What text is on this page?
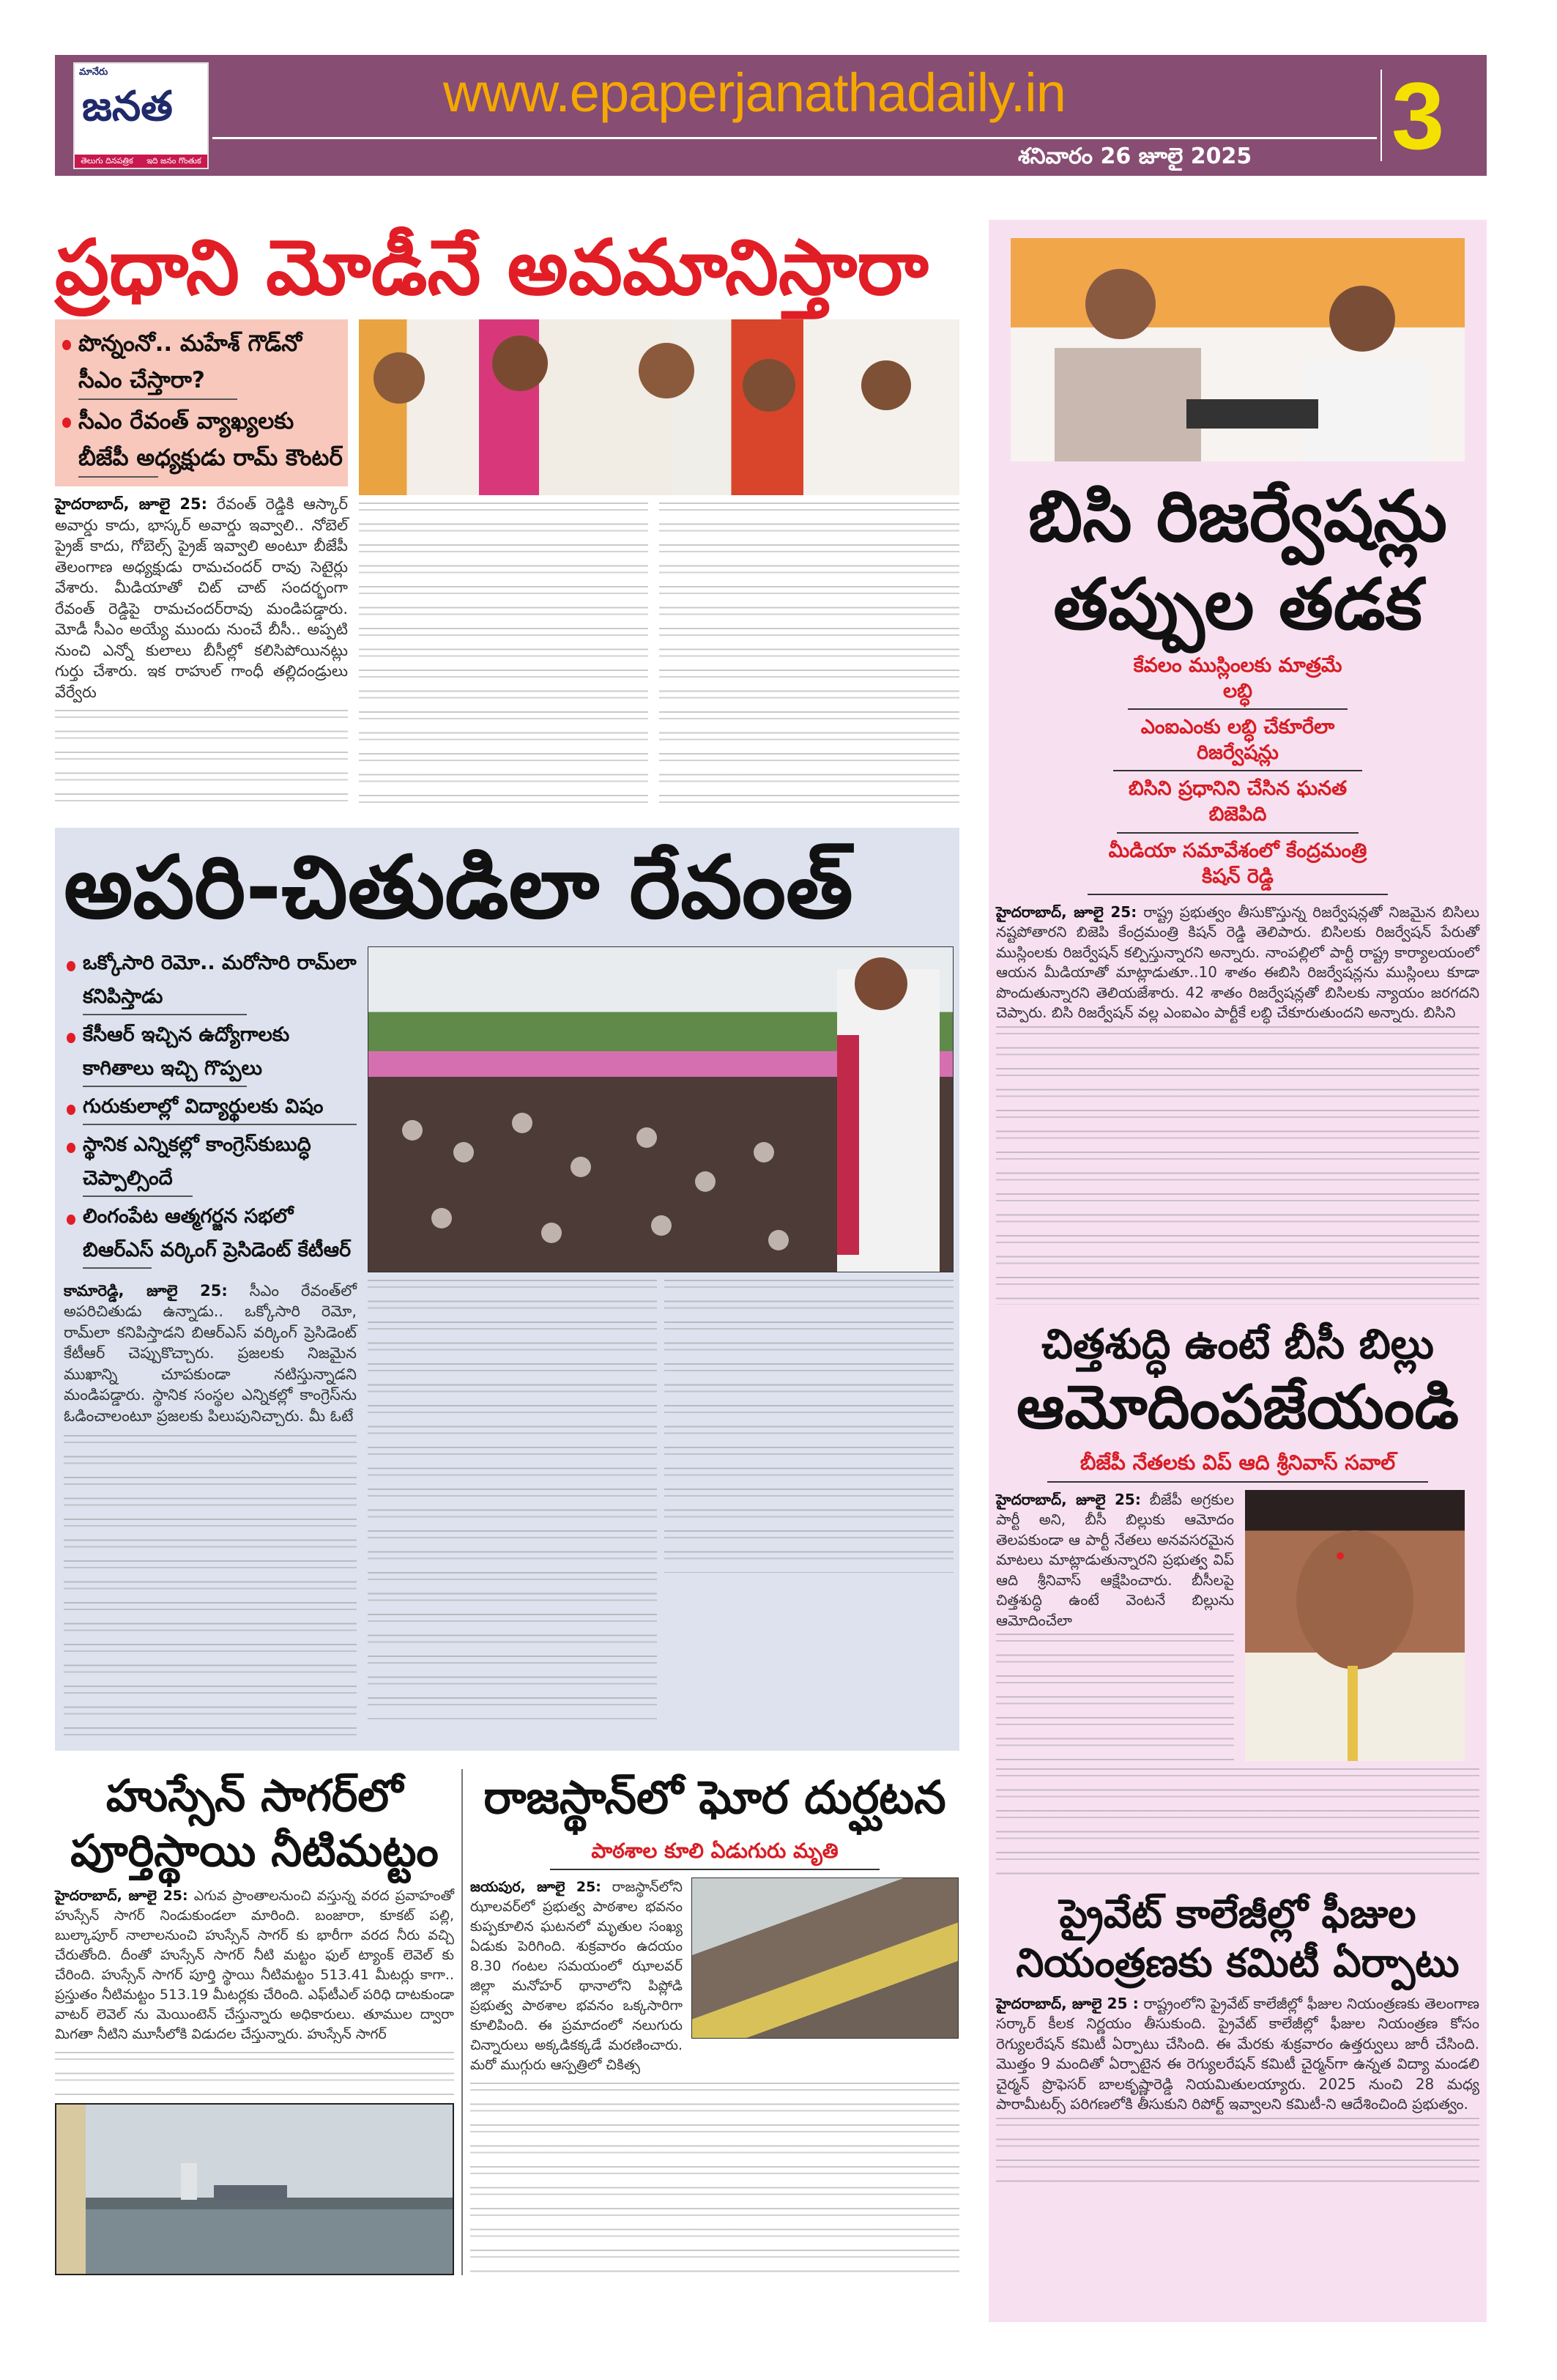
మానేరు
జనత
తెలుగు దినపత్రిక ఇది జనం గొంతుక
www.epaperjanathadaily.in
శనివారం 26 జూలై 2025 3
ప్రధాని మోడీనే అవమానిస్తారా
పొన్నంనో.. మహేశ్ గౌడ్‌నో సీఎం చేస్తారా?
సీఎం రేవంత్ వ్యాఖ్యలకు బీజేపీ అధ్యక్షుడు రామ్ కౌంటర్
హైదరాబాద్, జూలై 25: రేవంత్ రెడ్డికి ఆస్కార్ అవార్డు కాదు, భాస్కర్ అవార్డు ఇవ్వాలి.. నోబెల్ ప్రైజ్ కాదు, గోబెల్స్ ప్రైజ్ ఇవ్వాలి అంటూ బీజేపీ తెలంగాణ అధ్యక్షుడు రామచందర్ రావు సెటైర్లు వేశారు. మీడియాతో చిట్ చాట్ సందర్భంగా రేవంత్ రెడ్డిపై రామచందర్‌రావు మండిపడ్డారు. మోడీ సీఎం అయ్యే ముందు నుంచే బీసీ.. అప్పటి నుంచి ఎన్నో కులాలు బీసీల్లో కలిసిపోయినట్లు గుర్తు చేశారు. ఇక రాహుల్ గాంధీ తల్లిదండ్రులు వేర్వేరు
అపరి-చితుడిలా రేవంత్
ఒక్కోసారి రెమో.. మరోసారి రామ్‌లా కనిపిస్తాడు
కేసీఆర్ ఇచ్చిన ఉద్యోగాలకు కాగితాలు ఇచ్చి గొప్పలు
గురుకులాల్లో విద్యార్థులకు విషం
స్థానిక ఎన్నికల్లో కాంగ్రెస్‌కుబుద్ధి చెప్పాల్సిందే
లింగంపేట ఆత్మగర్జన సభలో బిఆర్ఎస్ వర్కింగ్ ప్రెసిడెంట్ కేటీఆర్
కామారెడ్డి, జూలై 25: సీఎం రేవంత్‌లో అపరిచితుడు ఉన్నాడు.. ఒక్కోసారి రెమో, రామ్‌లా కనిపిస్తాడని బిఆర్ఎస్ వర్కింగ్ ప్రెసిడెంట్ కేటీఆర్ చెప్పుకొచ్చారు. ప్రజలకు నిజమైన ముఖాన్ని చూపకుండా నటిస్తున్నాడని మండిపడ్డారు. స్థానిక సంస్థల ఎన్నికల్లో కాంగ్రెస్‌ను ఓడించాలంటూ ప్రజలకు పిలుపునిచ్చారు. మీ ఓటే
హుస్సేన్ సాగర్‌లో పూర్తిస్థాయి నీటిమట్టం
హైదరాబాద్, జూలై 25: ఎగువ ప్రాంతాలనుంచి వస్తున్న వరద ప్రవాహంతో హుస్సేన్ సాగర్ నిండుకుండలా మారింది. బంజారా, కూకట్ పల్లి, బుల్కాపూర్ నాలాలనుంచి హుస్సేన్ సాగర్ కు భారీగా వరద నీరు వచ్చి చేరుతోంది. దీంతో హుస్సేన్ సాగర్ నీటి మట్టం ఫుల్ ట్యాంక్ లెవెల్ కు చేరింది. హుస్సేన్ సాగర్ పూర్తి స్థాయి నీటిమట్టం 513.41 మీటర్లు కాగా.. ప్రస్తుతం నీటిమట్టం 513.19 మీటర్లకు చేరింది. ఎఫ్‌టీఎల్ పరిధి దాటకుండా వాటర్ లెవెల్ ను మెయింటెన్ చేస్తున్నారు అధికారులు. తూముల ద్వారా మిగతా నీటిని మూసీలోకి విడుదల చేస్తున్నారు. హుస్సేన్ సాగర్
రాజస్థాన్‌లో ఘోర దుర్ఘటన
పాఠశాల కూలి ఏడుగురు మృతి
జయపుర, జూలై 25: రాజస్థాన్‌లోని ఝాలవర్‌లో ప్రభుత్వ పాఠశాల భవనం కుప్పకూలిన ఘటనలో మృతుల సంఖ్య ఏడుకు పెరిగింది. శుక్రవారం ఉదయం 8.30 గంటల సమయంలో ఝాలవర్ జిల్లా మనోహర్ థానాలోని పిప్లోడి ప్రభుత్వ పాఠశాల భవనం ఒక్కసారిగా కూలిపింది. ఈ ప్రమాదంలో నలుగురు చిన్నారులు అక్కడికక్కడే మరణించారు. మరో ముగ్గురు ఆస్పత్రిలో చికిత్స
బిసి రిజర్వేషన్లు
తప్పుల తడక
కేవలం ముస్లింలకు మాత్రమే లబ్ధి
ఎంఐఎంకు లబ్ధి చేకూరేలా రిజర్వేషన్లు
బిసిని ప్రధానిని చేసిన ఘనత బిజెపిది
మీడియా సమావేశంలో కేంద్రమంత్రి కిషన్ రెడ్డి
హైదరాబాద్, జూలై 25: రాష్ట్ర ప్రభుత్వం తీసుకొస్తున్న రిజర్వేషన్లతో నిజమైన బిసిలు నష్టపోతారని బిజెపి కేంద్రమంత్రి కిషన్ రెడ్డి తెలిపారు. బిసిలకు రిజర్వేషన్ పేరుతో ముస్లింలకు రిజర్వేషన్ కల్పిస్తున్నారని అన్నారు. నాంపల్లిలో పార్టీ రాష్ట్ర కార్యాలయంలో ఆయన మీడియాతో మాట్లాడుతూ..10 శాతం ఈబిసి రిజర్వేషన్లను ముస్లింలు కూడా పొందుతున్నారని తెలియజేశారు. 42 శాతం రిజర్వేషన్లతో బిసిలకు న్యాయం జరగదని చెప్పారు. బిసి రిజర్వేషన్ వల్ల ఎంఐఎం పార్టీకే లబ్ధి చేకూరుతుందని అన్నారు. బిసిని
చిత్తశుద్ధి ఉంటే బీసీ బిల్లు
ఆమోదింపజేయండి
బీజేపీ నేతలకు విప్ ఆది శ్రీనివాస్ సవాల్
హైదరాబాద్, జూలై 25: బీజేపీ అగ్రకుల పార్టీ అని, బీసీ బిల్లుకు ఆమోదం తెలపకుండా ఆ పార్టీ నేతలు అనవసరమైన మాటలు మాట్లాడుతున్నారని ప్రభుత్వ విప్ ఆది శ్రీనివాస్ ఆక్షేపించారు. బీసీలపై చిత్తశుద్ధి ఉంటే వెంటనే బిల్లును ఆమోదించేలా
ప్రైవేట్ కాలేజీల్లో ఫీజుల
నియంత్రణకు కమిటీ ఏర్పాటు
హైదరాబాద్, జూలై 25 : రాష్ట్రంలోని ప్రైవేట్ కాలేజీల్లో ఫీజుల నియంత్రణకు తెలంగాణ సర్కార్ కీలక నిర్ణయం తీసుకుంది. ప్రైవేట్ కాలేజీల్లో ఫీజుల నియంత్రణ కోసం రెగ్యులరేషన్ కమిటీ ఏర్పాటు చేసింది. ఈ మేరకు శుక్రవారం ఉత్తర్వులు జారీ చేసింది. మొత్తం 9 మందితో ఏర్పాటైన ఈ రెగ్యులరేషన్ కమిటీ చైర్మన్‌గా ఉన్నత విద్యా మండలి చైర్మన్ ప్రొఫెసర్ బాలకృష్ణారెడ్డి నియమితులయ్యారు. 2025 నుంచి 28 మధ్య పారామీటర్స్ పరిగణలోకి తీసుకుని రిపోర్ట్ ఇవ్వాలని కమిటీ-ని ఆదేశించింది ప్రభుత్వం.
